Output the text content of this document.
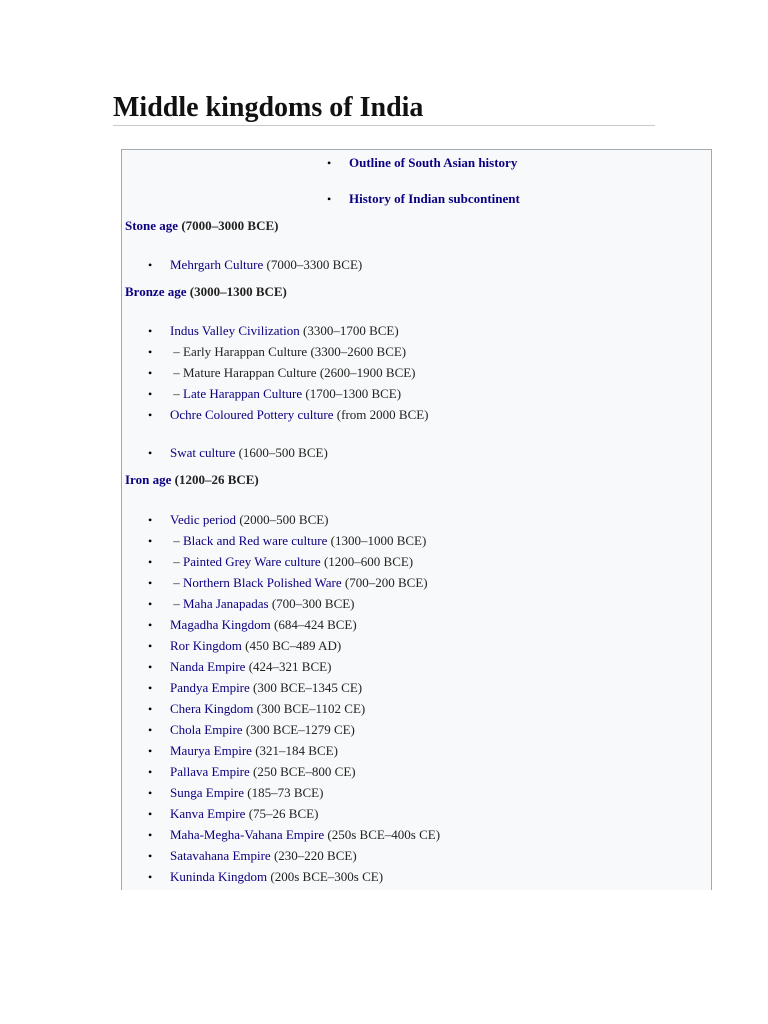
Middle kingdoms of India
• Outline of South Asian history
• History of Indian subcontinent
Stone age (7000–3000 BCE)
• Mehrgarh Culture (7000–3300 BCE)
Bronze age (3000–1300 BCE)
• Indus Valley Civilization (3300–1700 BCE)
• – Early Harappan Culture (3300–2600 BCE)
• – Mature Harappan Culture (2600–1900 BCE)
• – Late Harappan Culture (1700–1300 BCE)
• Ochre Coloured Pottery culture (from 2000 BCE)
• Swat culture (1600–500 BCE)
Iron age (1200–26 BCE)
• Vedic period (2000–500 BCE)
• – Black and Red ware culture (1300–1000 BCE)
• – Painted Grey Ware culture (1200–600 BCE)
• – Northern Black Polished Ware (700–200 BCE)
• – Maha Janapadas (700–300 BCE)
• Magadha Kingdom (684–424 BCE)
• Ror Kingdom (450 BC–489 AD)
• Nanda Empire (424–321 BCE)
• Pandya Empire (300 BCE–1345 CE)
• Chera Kingdom (300 BCE–1102 CE)
• Chola Empire (300 BCE–1279 CE)
• Maurya Empire (321–184 BCE)
• Pallava Empire (250 BCE–800 CE)
• Sunga Empire (185–73 BCE)
• Kanva Empire (75–26 BCE)
• Maha-Megha-Vahana Empire (250s BCE–400s CE)
• Satavahana Empire (230–220 BCE)
• Kuninda Kingdom (200s BCE–300s CE)
